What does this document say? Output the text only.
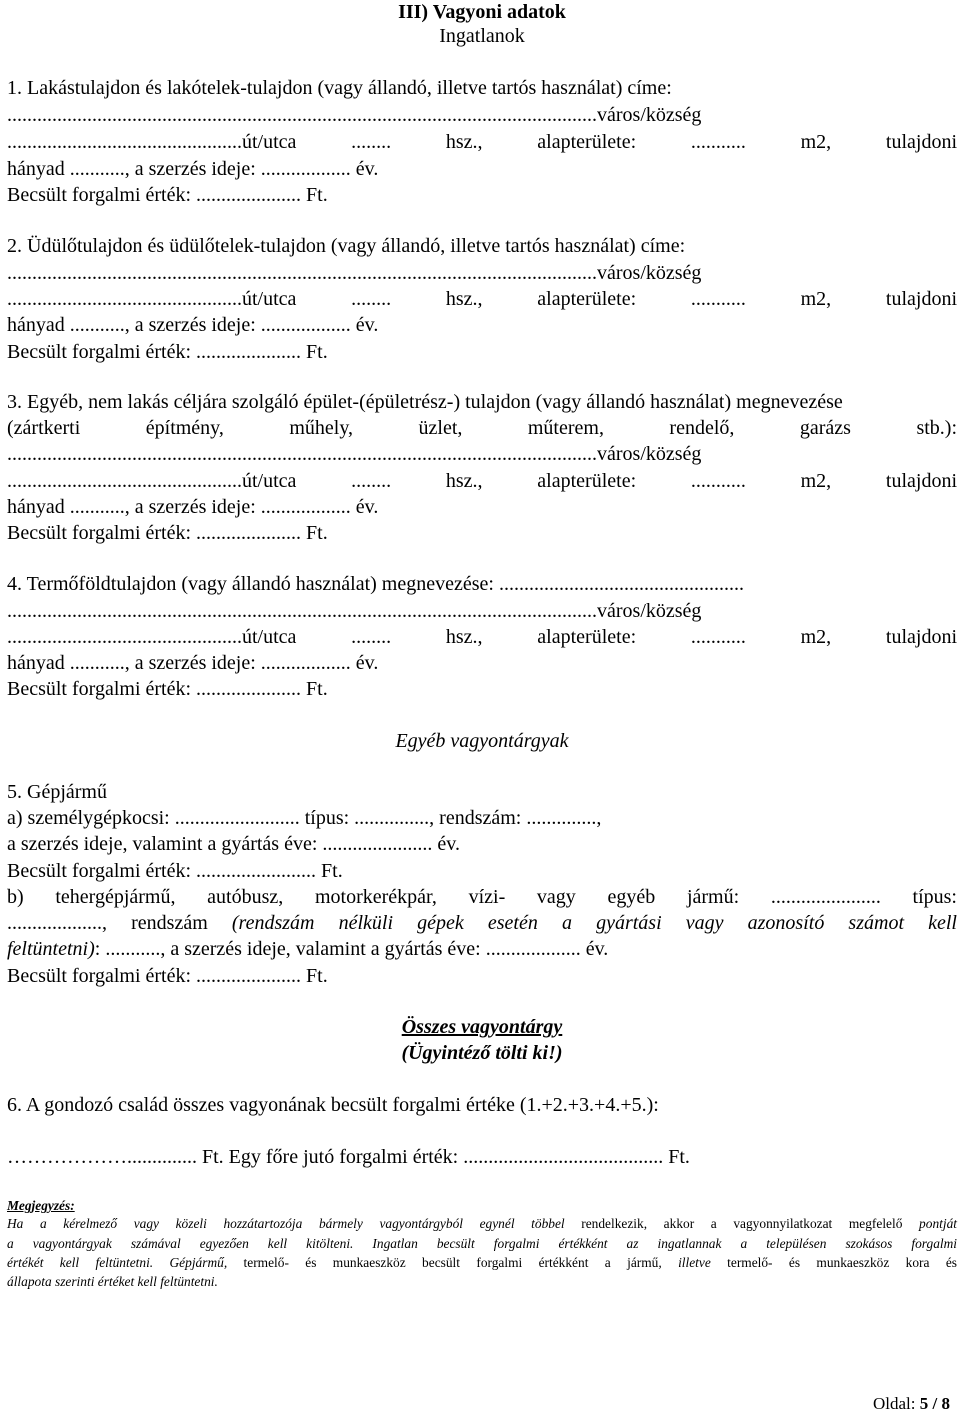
III) Vagyoni adatok
Ingatlanok
1. Lakástulajdon és lakótelek-tulajdon (vagy állandó, illetve tartós használat) címe:
......................................................................................................................város/község
...............................................út/utca ........ hsz., alapterülete: ........... m2, tulajdoni
hányad ..........., a szerzés ideje: .................. év.
Becsült forgalmi érték: ..................... Ft.
2. Üdülőtulajdon és üdülőtelek-tulajdon (vagy állandó, illetve tartós használat) címe:
......................................................................................................................város/község
...............................................út/utca ........ hsz., alapterülete: ........... m2, tulajdoni
hányad ..........., a szerzés ideje: .................. év.
Becsült forgalmi érték: ..................... Ft.
3. Egyéb, nem lakás céljára szolgáló épület-(épületrész-) tulajdon (vagy állandó használat) megnevezése
(zártkerti építmény, műhely, üzlet, műterem, rendelő, garázs stb.):
......................................................................................................................város/község
...............................................út/utca ........ hsz., alapterülete: ........... m2, tulajdoni
hányad ..........., a szerzés ideje: .................. év.
Becsült forgalmi érték: ..................... Ft.
4. Termőföldtulajdon (vagy állandó használat) megnevezése: .................................................
......................................................................................................................város/község
...............................................út/utca ........ hsz., alapterülete: ........... m2, tulajdoni
hányad ..........., a szerzés ideje: .................. év.
Becsült forgalmi érték: ..................... Ft.
Egyéb vagyontárgyak
5. Gépjármű
a) személygépkocsi: ......................... típus: ..............., rendszám: ..............,
a szerzés ideje, valamint a gyártás éve: ...................... év.
Becsült forgalmi érték: ........................ Ft.
b) tehergépjármű, autóbusz, motorkerékpár, vízi- vagy egyéb jármű: ...................... típus:
..................., rendszám (rendszám nélküli gépek esetén a gyártási vagy azonosító számot kell
feltüntetni): ..........., a szerzés ideje, valamint a gyártás éve: ................... év.
Becsült forgalmi érték: ..................... Ft.
Összes vagyontárgy
(Ügyintéző tölti ki!)
6. A gondozó család összes vagyonának becsült forgalmi értéke (1.+2.+3.+4.+5.):
……………….............. Ft. Egy főre jutó forgalmi érték: ........................................ Ft.
Megjegyzés:
Ha a kérelmező vagy közeli hozzátartozója bármely vagyontárgyból egynél többel rendelkezik, akkor a vagyonnyilatkozat megfelelő pontját
a vagyontárgyak számával egyezően kell kitölteni. Ingatlan becsült forgalmi értékként az ingatlannak a településen szokásos forgalmi
értékét kell feltüntetni. Gépjármű, termelő- és munkaeszköz becsült forgalmi értékként a jármű, illetve termelő- és munkaeszköz kora és
állapota szerinti értéket kell feltüntetni.
Oldal: 5 / 8
